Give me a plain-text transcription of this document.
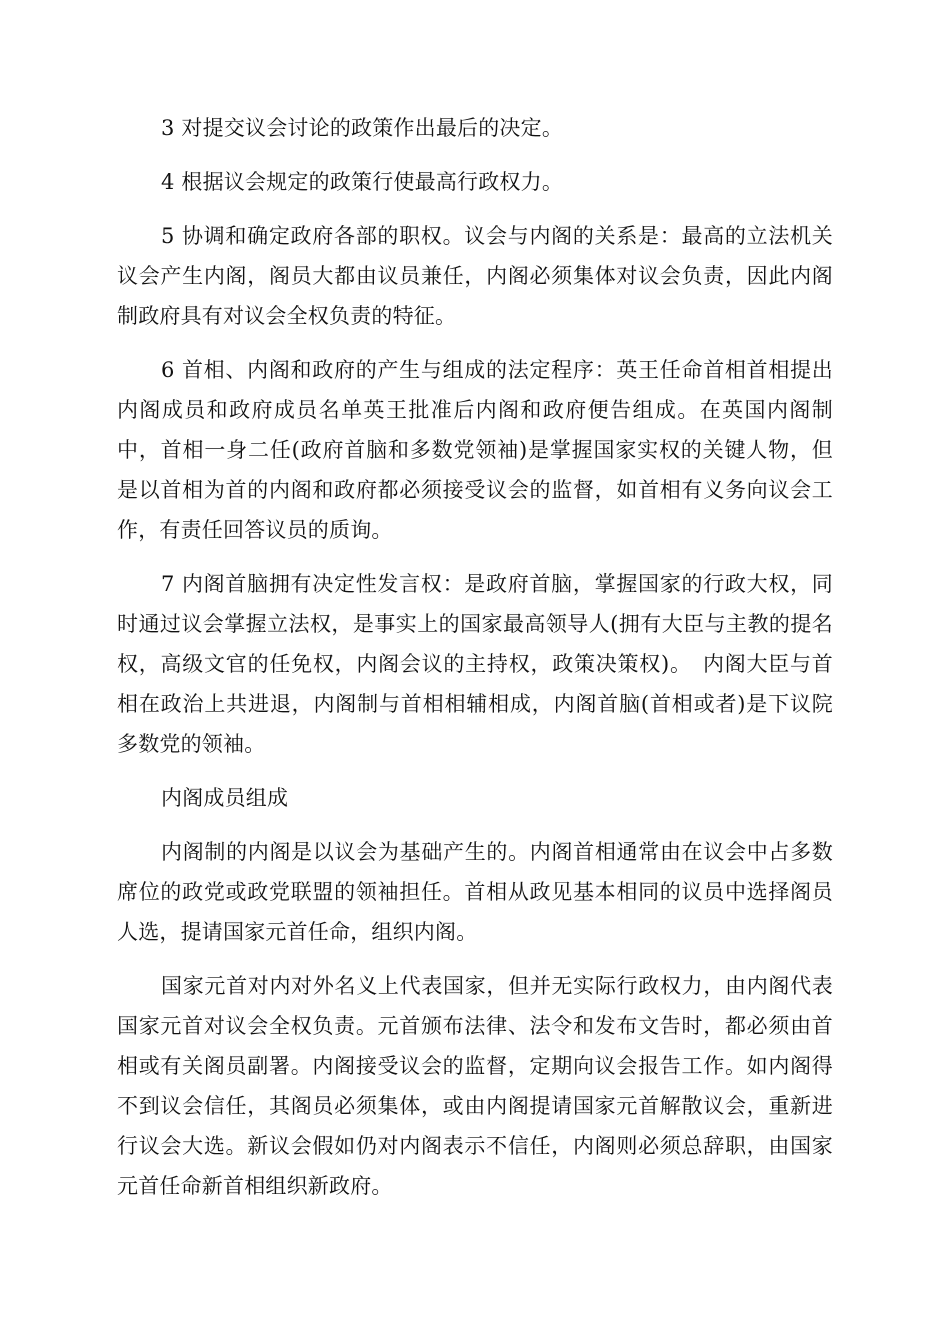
3 对提交议会讨论的政策作出最后的决定。

4 根据议会规定的政策行使最高行政权力。

5 协调和确定政府各部的职权。议会与内阁的关系是：最高的立法机关议会产生内阁，阁员大都由议员兼任，内阁必须集体对议会负责，因此内阁制政府具有对议会全权负责的特征。

6 首相、内阁和政府的产生与组成的法定程序：英王任命首相首相提出内阁成员和政府成员名单英王批准后内阁和政府便告组成。在英国内阁制中，首相一身二任(政府首脑和多数党领袖)是掌握国家实权的关键人物，但是以首相为首的内阁和政府都必须接受议会的监督，如首相有义务向议会工作，有责任回答议员的质询。

7 内阁首脑拥有决定性发言权：是政府首脑，掌握国家的行政大权，同时通过议会掌握立法权，是事实上的国家最高领导人(拥有大臣与主教的提名权，高级文官的任免权，内阁会议的主持权，政策决策权)。　内阁大臣与首相在政治上共进退，内阁制与首相相辅相成，内阁首脑(首相或者)是下议院多数党的领袖。

内阁成员组成

内阁制的内阁是以议会为基础产生的。内阁首相通常由在议会中占多数席位的政党或政党联盟的领袖担任。首相从政见基本相同的议员中选择阁员人选，提请国家元首任命，组织内阁。

国家元首对内对外名义上代表国家，但并无实际行政权力，由内阁代表国家元首对议会全权负责。元首颁布法律、法令和发布文告时，都必须由首相或有关阁员副署。内阁接受议会的监督，定期向议会报告工作。如内阁得不到议会信任，其阁员必须集体，或由内阁提请国家元首解散议会，重新进行议会大选。新议会假如仍对内阁表示不信任，内阁则必须总辞职，由国家元首任命新首相组织新政府。
